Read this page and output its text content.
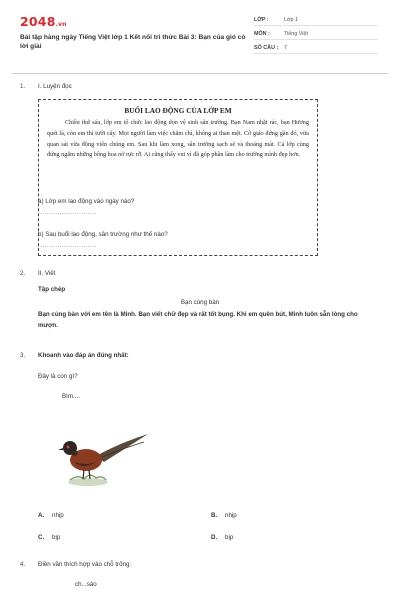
2048.vn
Bài tập hàng ngày Tiếng Việt lớp 1 Kết nối tri thức Bài 3: Bạn của gió có lời giải
LỚP :	Lớp 1
MÔN :	Tiếng Việt
SỐ CÂU : 7
1. I. Luyện đọc
BUỔI LAO ĐỘNG CỦA LỚP EM
Chiều thứ sáu, lớp em tổ chức lao động dọn vệ sinh sân trường. Bạn Nam nhặt rác, bạn Hương quét lá, còn em thì tưới cây. Mọi người làm việc chăm chỉ, không ai than mệt. Cô giáo đứng gần đó, vừa quan sát vừa động viên chúng em. Sau khi làm xong, sân trường sạch sẽ và thoáng mát. Cả lớp cùng đứng ngắm những bông hoa nở rực rỡ. Ai cũng thấy vui vì đã góp phần làm cho trường mình đẹp hơn.
a) Lớp em lao động vào ngày nào?
...........................
b) Sau buổi lao động, sân trường như thế nào?
...........................
2. II. Viết
Tập chép
Bạn cùng bàn
Bạn cùng bàn với em tên là Minh. Bạn viết chữ đẹp và rất tốt bụng. Khi em quên bút, Minh luôn sẵn lòng cho mượn.
3. Khoanh vào đáp án đúng nhất:
Đây là con gì?
Bìm....
A. nhịp	B. nhịp
C. bịp	D. bịp
4. Điền vần thích hợp vào chỗ trống:
ch...sáo
